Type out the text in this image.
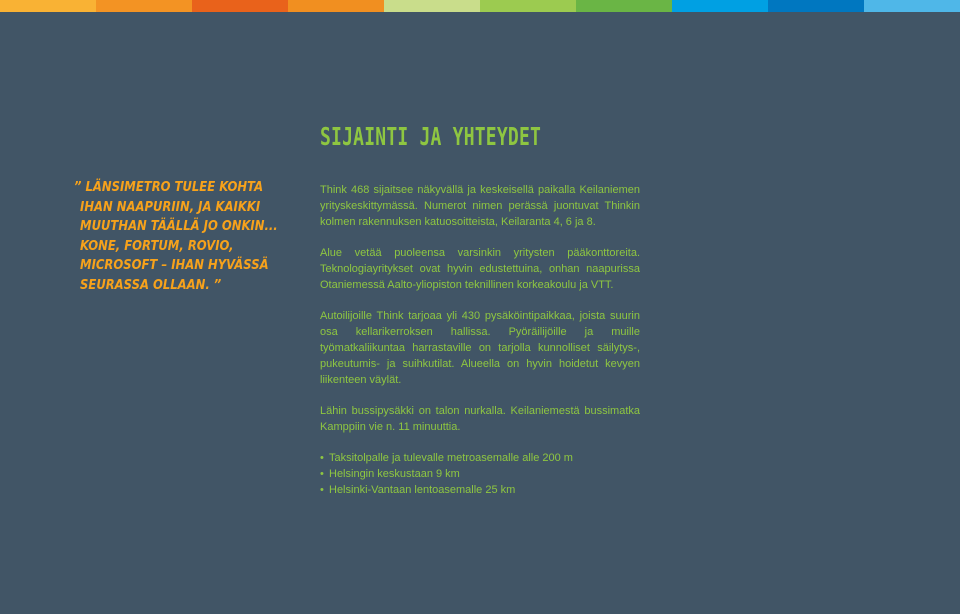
SIJAINTI JA YHTEYDET
” LÄNSIMETRO TULEE KOHTA
IHAN NAAPURIIN, JA KAIKKI
MUUTHAN TÄÄLLÄ JO ONKIN...
KONE, FORTUM, ROVIO,
MICROSOFT – IHAN HYVÄSSÄ
SEURASSA OLLAAN. ”

Think 468 sijaitsee näkyvällä ja keskeisellä paikalla Keilaniemen yrityskeskittymässä. Numerot nimen perässä juontuvat Thinkin kolmen rakennuksen katuosoitteista, Keilaranta 4, 6 ja 8.

Alue vetää puoleensa varsinkin yritysten pääkonttoreita. Teknologiayritykset ovat hyvin edustettuina, onhan naapurissa Otaniemessä Aalto-yliopiston teknillinen korkeakoulu ja VTT.

Autoilijoille Think tarjoaa yli 430 pysäköintipaikkaa, joista suurin osa kellarikerroksen hallissa. Pyöräilijöille ja muille työmatkaliikuntaa harrastaville on tarjolla kunnolliset säilytys-, pukeutumis- ja suihkutilat. Alueella on hyvin hoidetut kevyen liikenteen väylät.

Lähin bussipysäkki on talon nurkalla. Keilaniemestä bussimatka Kamppiin vie n. 11 minuuttia.

• Taksitolpalle ja tulevalle metroasemalle alle 200 m
• Helsingin keskustaan 9 km
• Helsinki-Vantaan lentoasemalle 25 km
